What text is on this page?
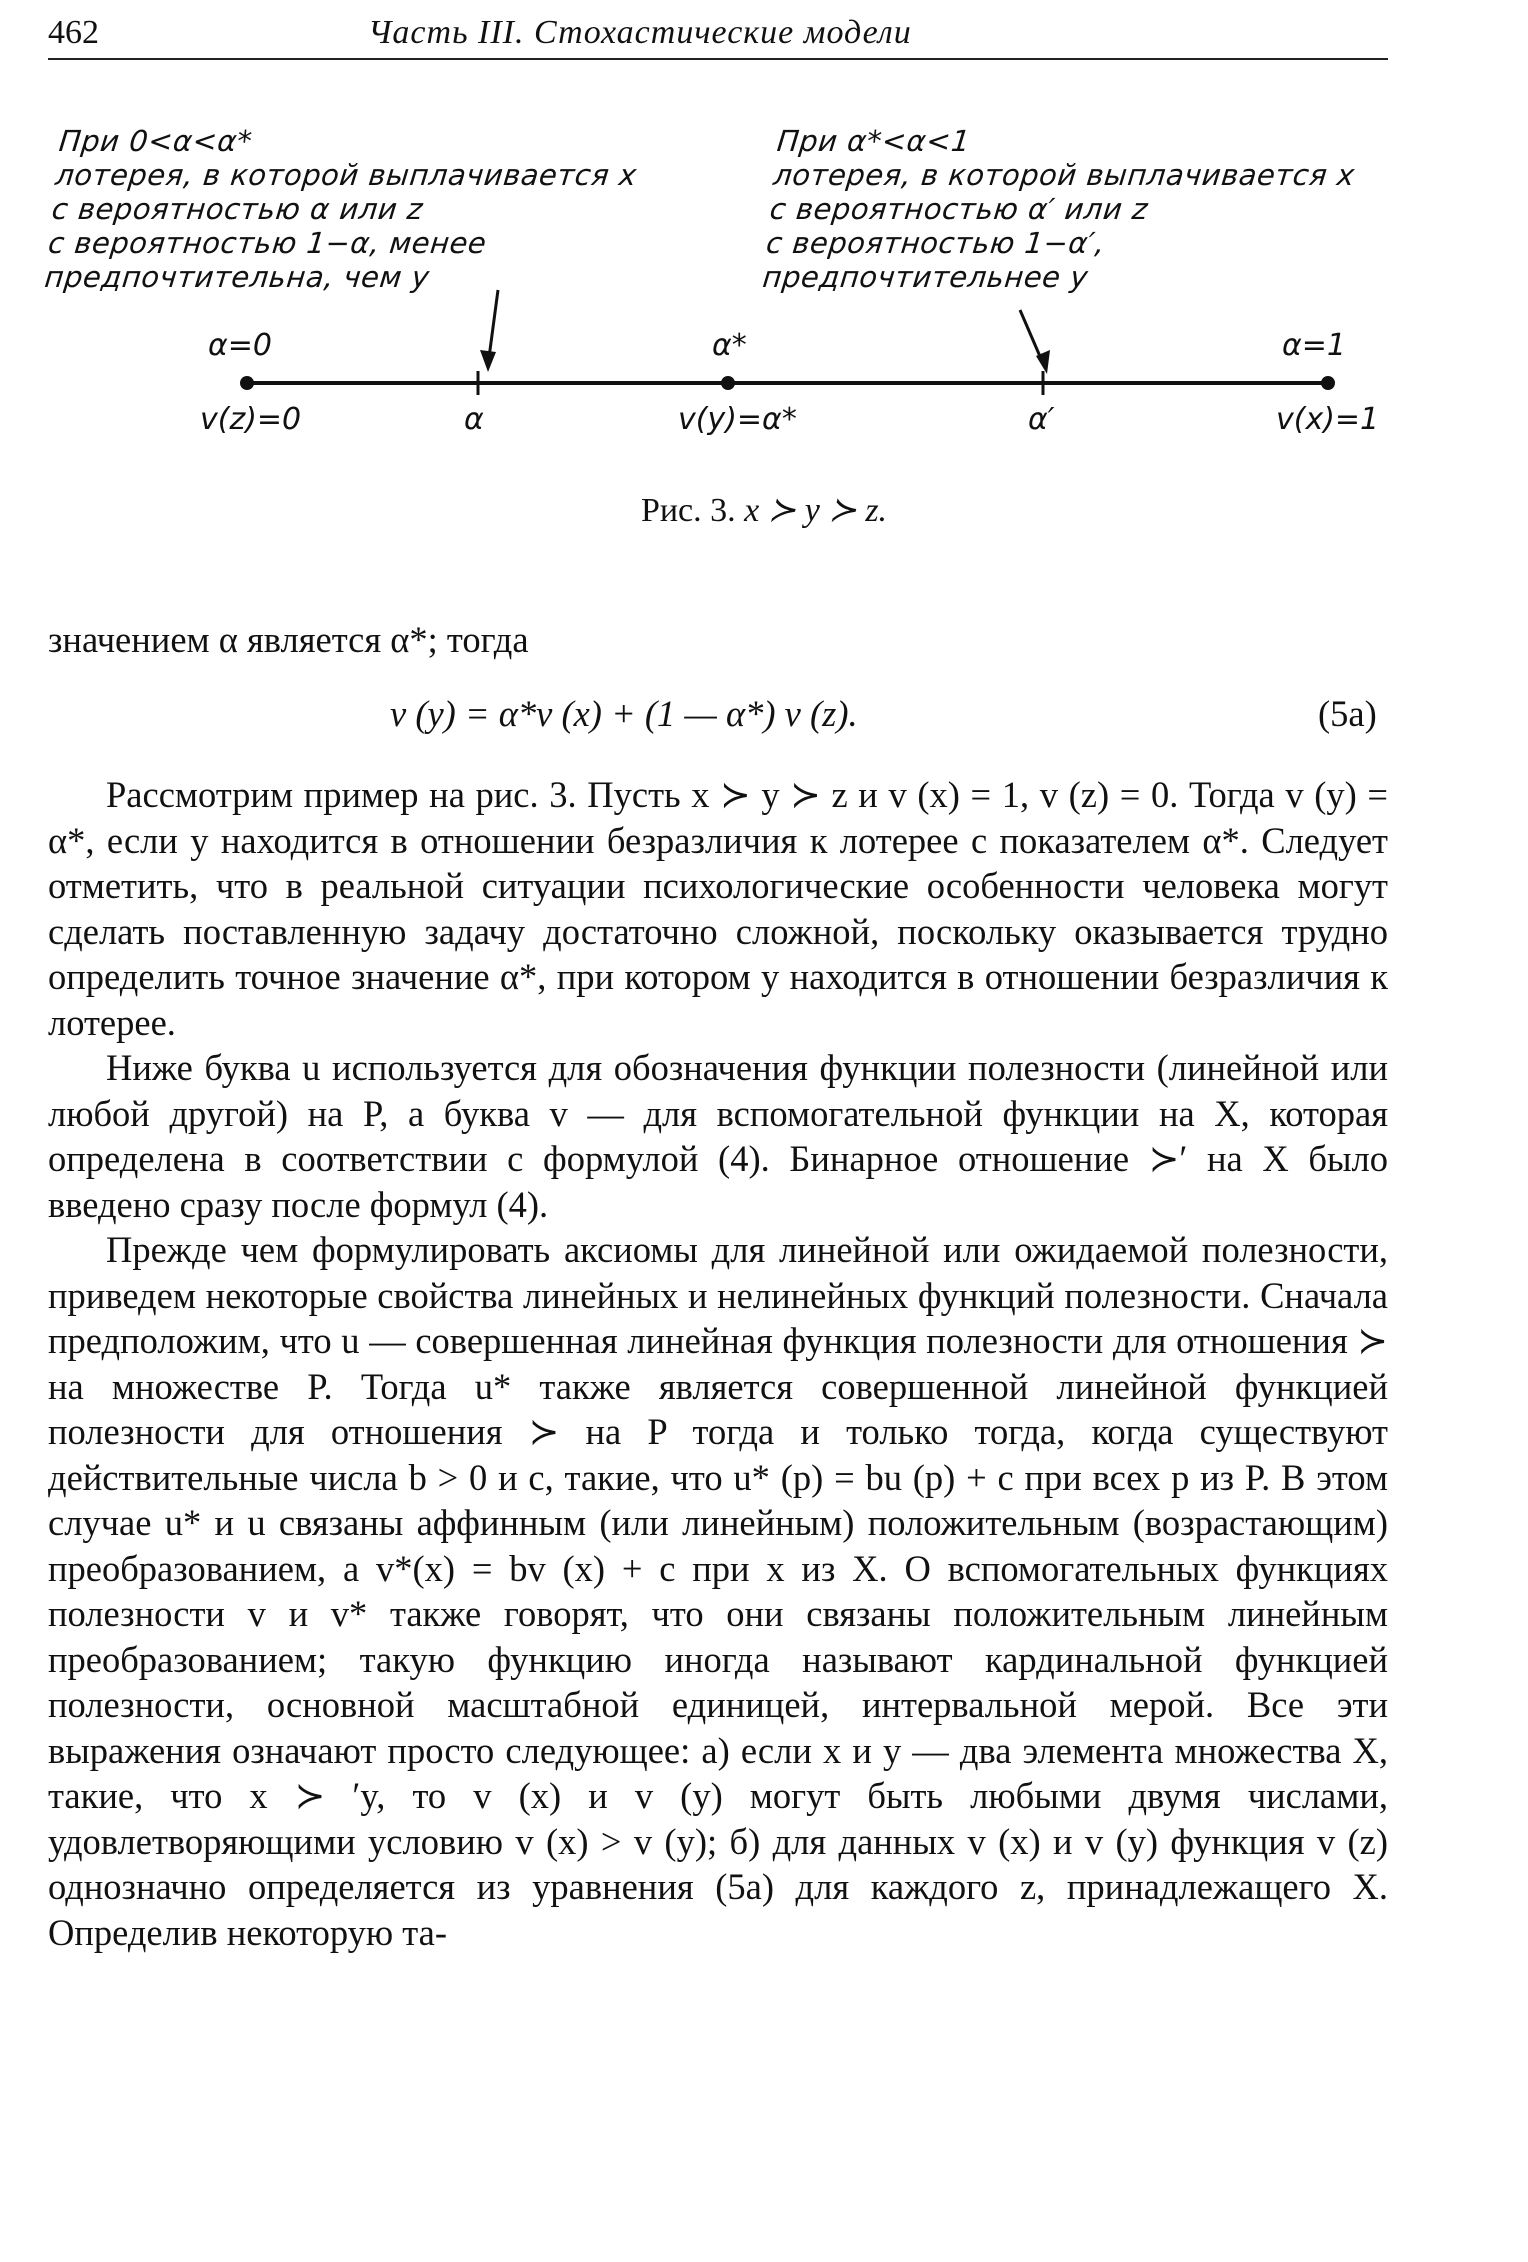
462	Часть III. Стохастические модели
При 0<α<α*
лотерея, в которой выплачивается x
с вероятностью α или z
с вероятностью 1−α, менее
предпочтительна, чем y
При α*<α<1
лотерея, в которой выплачивается x
с вероятностью α′ или z
с вероятностью 1−α′,
предпочтительнее y
α=0	α*	α=1
v(z)=0	α	v(y)=α*	α′	v(x)=1
Рис. 3. x ≻ y ≻ z.
значением α является α*; тогда
v (y) = α*v (x) + (1 — α*) v (z).	(5a)

Рассмотрим пример на рис. 3. Пусть x ≻ y ≻ z и v (x) = 1, v (z) = 0. Тогда v (y) = α*, если y находится в отношении безразличия к лотерее с показателем α*. Следует отметить, что в реальной ситуации психологические особенности человека могут сделать поставленную задачу достаточно сложной, поскольку оказывается трудно определить точное значение α*, при котором y находится в отношении безразличия к лотерее.

Ниже буква u используется для обозначения функции полезности (линейной или любой другой) на P, а буква v — для вспомогательной функции на X, которая определена в соответствии с формулой (4). Бинарное отношение ≻′ на X было введено сразу после формул (4).

Прежде чем формулировать аксиомы для линейной или ожидаемой полезности, приведем некоторые свойства линейных и нелинейных функций полезности. Сначала предположим, что u — совершенная линейная функция полезности для отношения ≻ на множестве P. Тогда u* также является совершенной линейной функцией полезности для отношения ≻ на P тогда и только тогда, когда существуют действительные числа b > 0 и c, такие, что u* (p) = bu (p) + c при всех p из P. В этом случае u* и u связаны аффинным (или линейным) положительным (возрастающим) преобразованием, а v*(x) = bv (x) + c при x из X. О вспомогательных функциях полезности v и v* также говорят, что они связаны положительным линейным преобразованием; такую функцию иногда называют кардинальной функцией полезности, основной масштабной единицей, интервальной мерой. Все эти выражения означают просто следующее: а) если x и y — два элемента множества X, такие, что x ≻ ′y, то v (x) и v (y) могут быть любыми двумя числами, удовлетворяющими условию v (x) > v (y); б) для данных v (x) и v (y) функция v (z) однозначно определяется из уравнения (5a) для каждого z, принадлежащего X. Определив некоторую та-
